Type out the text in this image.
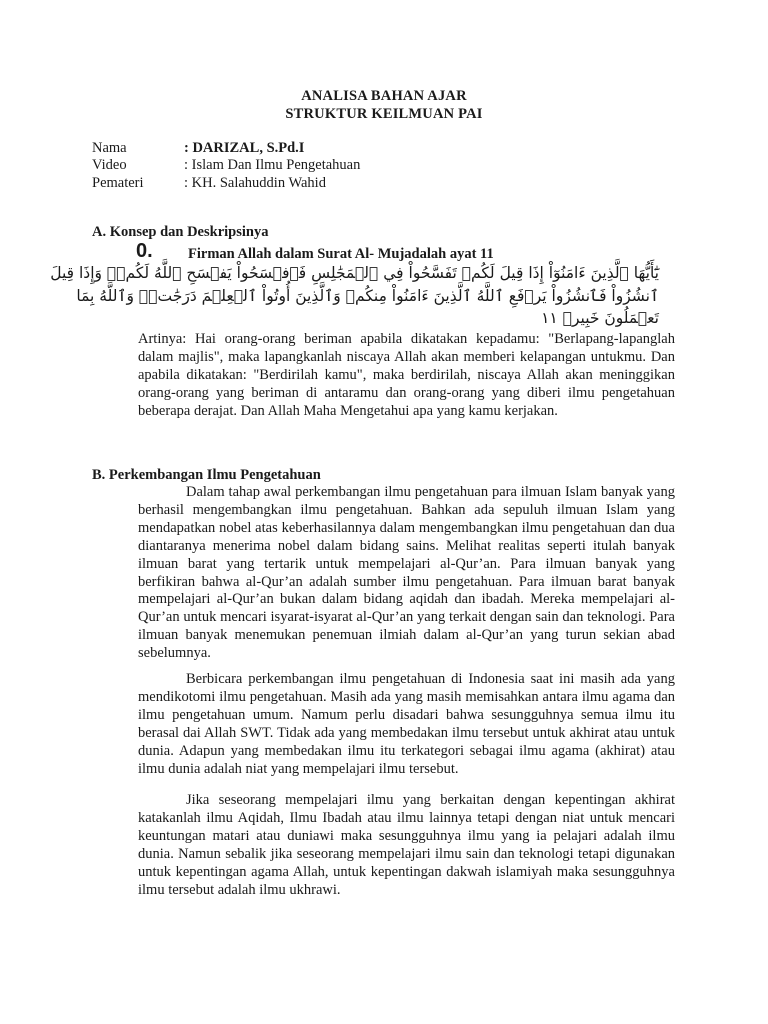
ANALISA BAHAN AJAR
STRUKTUR KEILMUAN PAI
Nama	: DARIZAL, S.Pd.I
Video	: Islam Dan Ilmu Pengetahuan
Pemateri	: KH. Salahuddin Wahid
A. Konsep dan Deskripsinya
0. Firman Allah dalam Surat Al- Mujadalah ayat 11
يَٰٓأَيُّهَا ٱلَّذِينَ ءَامَنُوٓاْ إِذَا قِيلَ لَكُمۡ تَفَسَّحُواْ فِي ٱلۡمَجَٰلِسِ فَٱفۡسَحُواْ يَفۡسَحِ ٱللَّهُ لَكُمۡۖ وَإِذَا قِيلَ
ٱنشُزُواْ فَٱنشُزُواْ يَرۡفَعِ ٱللَّهُ ٱلَّذِينَ ءَامَنُواْ مِنكُمۡ وَٱلَّذِينَ أُوتُواْ ٱلۡعِلۡمَ دَرَجَٰتٖۚ وَٱللَّهُ بِمَا
تَعۡمَلُونَ خَبِيرٞ ١١

Artinya: Hai orang-orang beriman apabila dikatakan kepadamu: "Berlapang-lapanglah dalam majlis", maka lapangkanlah niscaya Allah akan memberi kelapangan untukmu. Dan apabila dikatakan: "Berdirilah kamu", maka berdirilah, niscaya Allah akan meninggikan orang-orang yang beriman di antaramu dan orang-orang yang diberi ilmu pengetahuan beberapa derajat. Dan Allah Maha Mengetahui apa yang kamu kerjakan.

B. Perkembangan Ilmu Pengetahuan

Dalam tahap awal perkembangan ilmu pengetahuan para ilmuan Islam banyak yang berhasil mengembangkan ilmu pengetahuan. Bahkan ada sepuluh ilmuan Islam yang mendapatkan nobel atas keberhasilannya dalam mengembangkan ilmu pengetahuan dan dua diantaranya menerima nobel dalam bidang sains. Melihat realitas seperti itulah banyak ilmuan barat yang tertarik untuk mempelajari al-Qur’an. Para ilmuan banyak yang berfikiran bahwa al-Qur’an adalah sumber ilmu pengetahuan. Para ilmuan barat banyak mempelajari al-Qur’an bukan dalam bidang aqidah dan ibadah. Mereka mempelajari al-Qur’an untuk mencari isyarat-isyarat al-Qur’an yang terkait dengan sain dan teknologi. Para ilmuan banyak menemukan penemuan ilmiah dalam al-Qur’an yang turun sekian abad sebelumnya.

Berbicara perkembangan ilmu pengetahuan di Indonesia saat ini masih ada yang mendikotomi ilmu pengetahuan. Masih ada yang masih memisahkan antara ilmu agama dan ilmu pengetahuan umum. Namum perlu disadari bahwa sesungguhnya semua ilmu itu berasal dai Allah SWT. Tidak ada yang membedakan ilmu tersebut untuk akhirat atau untuk dunia. Adapun yang membedakan ilmu itu terkategori sebagai ilmu agama (akhirat) atau ilmu dunia adalah niat yang mempelajari ilmu tersebut.

Jika seseorang mempelajari ilmu yang berkaitan dengan kepentingan akhirat katakanlah ilmu Aqidah, Ilmu Ibadah atau ilmu lainnya tetapi dengan niat untuk mencari keuntungan matari atau duniawi maka sesungguhnya ilmu yang ia pelajari adalah ilmu dunia. Namun sebalik jika seseorang mempelajari ilmu sain dan teknologi tetapi digunakan untuk kepentingan agama Allah, untuk kepentingan dakwah islamiyah maka sesungguhnya ilmu tersebut adalah ilmu ukhrawi.
